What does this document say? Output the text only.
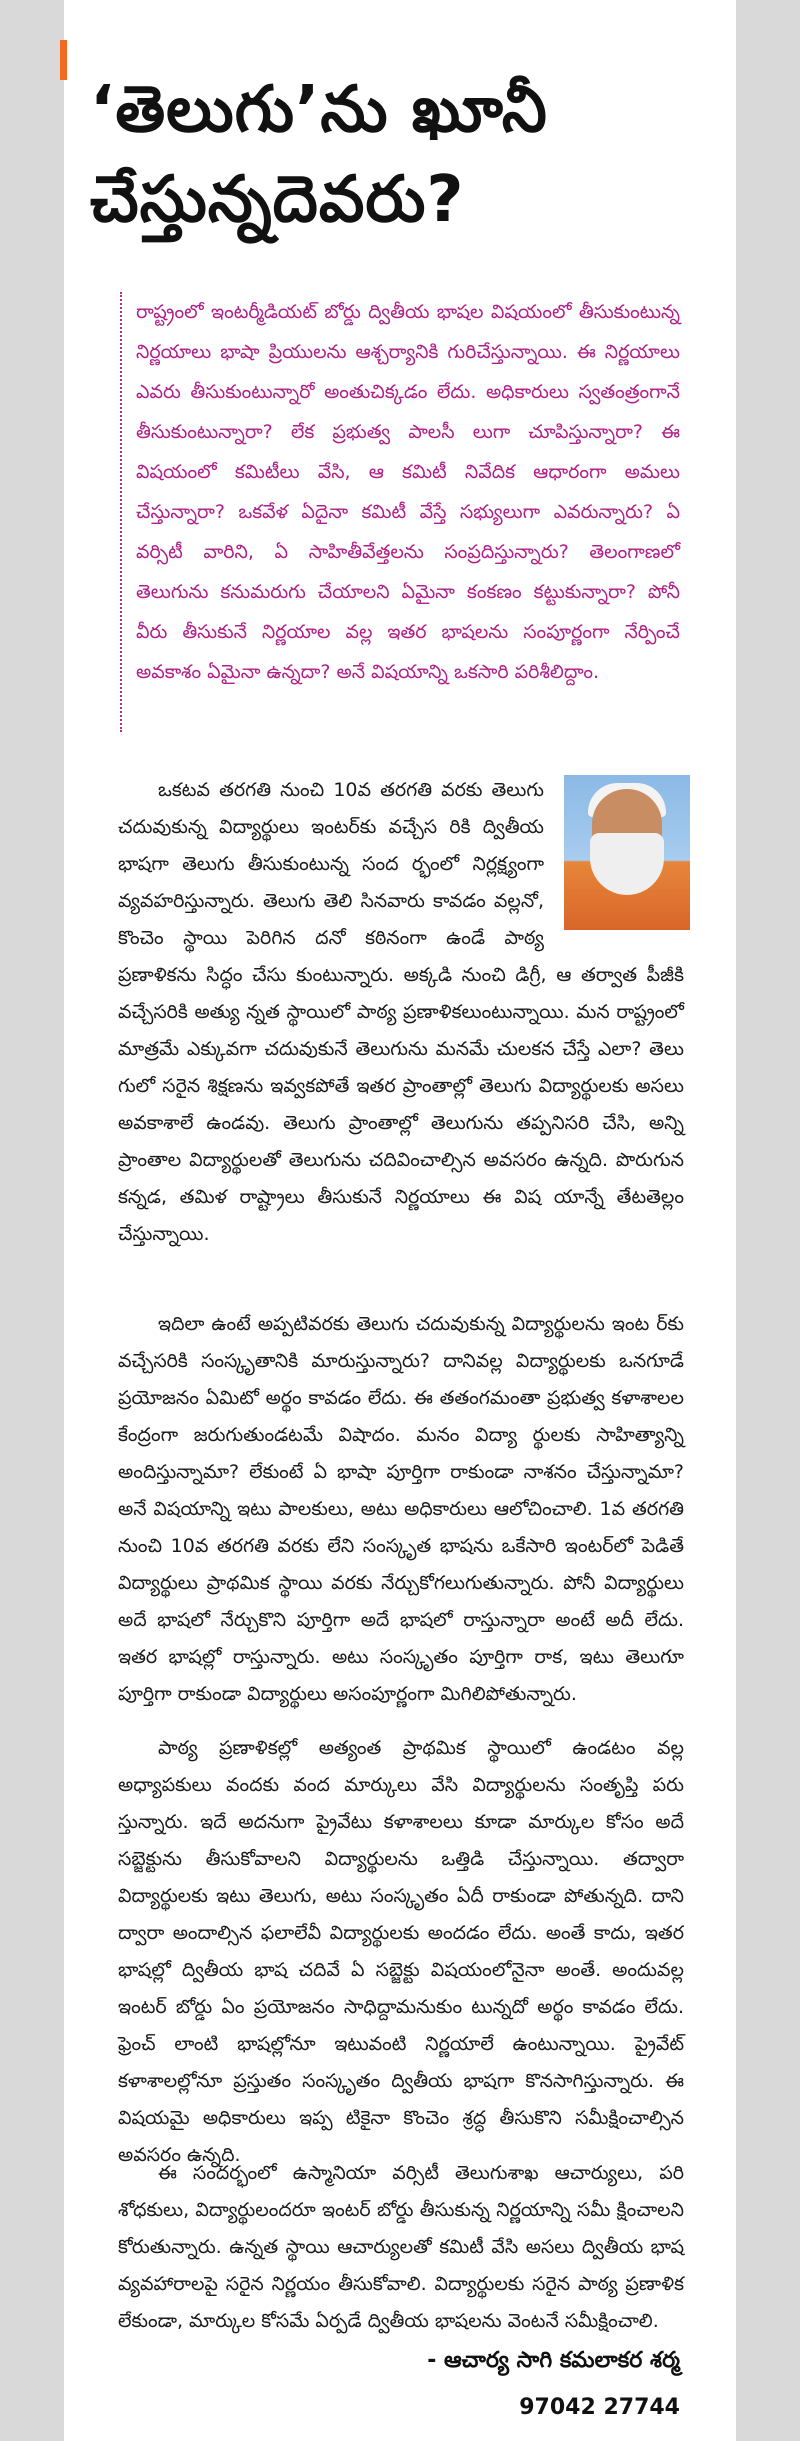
‘తెలుగు’ను ఖూనీ చేస్తున్నదెవరు?

రాష్ట్రంలో ఇంటర్మీడియట్ బోర్డు ద్వితీయ భాషల విషయంలో తీసుకుంటున్న నిర్ణయాలు భాషా ప్రియులను ఆశ్చర్యానికి గురిచేస్తున్నాయి. ఈ నిర్ణయాలు ఎవరు తీసుకుంటున్నారో అంతుచిక్కడం లేదు. అధికారులు స్వతంత్రంగానే తీసుకుంటున్నారా? లేక ప్రభుత్వ పాలసీ లుగా చూపిస్తున్నారా? ఈ విషయంలో కమిటీలు వేసి, ఆ కమిటీ నివేదిక ఆధారంగా అమలు చేస్తున్నారా? ఒకవేళ ఏదైనా కమిటీ వేస్తే సభ్యులుగా ఎవరున్నారు? ఏ వర్సిటీ వారిని, ఏ సాహితీవేత్తలను సంప్రదిస్తున్నారు? తెలంగాణలో తెలుగును కనుమరుగు చేయాలని ఏమైనా కంకణం కట్టుకున్నారా? పోనీ వీరు తీసుకునే నిర్ణయాల వల్ల ఇతర భాషలను సంపూర్ణంగా నేర్పించే అవకాశం ఏమైనా ఉన్నదా? అనే విషయాన్ని ఒకసారి పరిశీలిద్దాం.

ఒకటవ తరగతి నుంచి 10వ తరగతి వరకు తెలుగు చదువుకున్న విద్యార్థులు ఇంటర్‌కు వచ్చేస రికి ద్వితీయ భాషగా తెలుగు తీసుకుంటున్న సంద ర్భంలో నిర్లక్ష్యంగా వ్యవహరిస్తున్నారు. తెలుగు తెలి సినవారు కావడం వల్లనో, కొంచెం స్థాయి పెరిగిన దనో కఠినంగా ఉండే పాఠ్య ప్రణాళికను సిద్ధం చేసు కుంటున్నారు. అక్కడి నుంచి డిగ్రీ, ఆ తర్వాత పీజీకి వచ్చేసరికి అత్యు న్నత స్థాయిలో పాఠ్య ప్రణాళికలుంటున్నాయి. మన రాష్ట్రంలో మాత్రమే ఎక్కువగా చదువుకునే తెలుగును మనమే చులకన చేస్తే ఎలా? తెలు గులో సరైన శిక్షణను ఇవ్వకపోతే ఇతర ప్రాంతాల్లో తెలుగు విద్యార్థులకు అసలు అవకాశాలే ఉండవు. తెలుగు ప్రాంతాల్లో తెలుగును తప్పనిసరి చేసి, అన్ని ప్రాంతాల విద్యార్థులతో తెలుగును చదివించాల్సిన అవసరం ఉన్నది. పొరుగున కన్నడ, తమిళ రాష్ట్రాలు తీసుకునే నిర్ణయాలు ఈ విష యాన్నే తేటతెల్లం చేస్తున్నాయి.

ఇదిలా ఉంటే అప్పటివరకు తెలుగు చదువుకున్న విద్యార్థులను ఇంట ర్‌కు వచ్చేసరికి సంస్కృతానికి మారుస్తున్నారు? దానివల్ల విద్యార్థులకు ఒనగూడే ప్రయోజనం ఏమిటో అర్థం కావడం లేదు. ఈ తతంగమంతా ప్రభుత్వ కళాశాలల కేంద్రంగా జరుగుతుండటమే విషాదం. మనం విద్యా ర్థులకు సాహిత్యాన్ని అందిస్తున్నామా? లేకుంటే ఏ భాషా పూర్తిగా రాకుండా నాశనం చేస్తున్నామా? అనే విషయాన్ని ఇటు పాలకులు, అటు అధికారులు ఆలోచించాలి. 1వ తరగతి నుంచి 10వ తరగతి వరకు లేని సంస్కృత భాషను ఒకేసారి ఇంటర్‌లో పెడితే విద్యార్థులు ప్రాథమిక స్థాయి వరకు నేర్చుకోగలుగుతున్నారు. పోనీ విద్యార్థులు అదే భాషలో నేర్చుకొని పూర్తిగా అదే భాషలో రాస్తున్నారా అంటే అదీ లేదు. ఇతర భాషల్లో రాస్తున్నారు. అటు సంస్కృతం పూర్తిగా రాక, ఇటు తెలుగూ పూర్తిగా రాకుండా విద్యార్థులు అసంపూర్ణంగా మిగిలిపోతున్నారు.

పాఠ్య ప్రణాళికల్లో అత్యంత ప్రాథమిక స్థాయిలో ఉండటం వల్ల అధ్యాపకులు వందకు వంద మార్కులు వేసి విద్యార్థులను సంతృప్తి పరు స్తున్నారు. ఇదే అదనుగా ప్రైవేటు కళాశాలలు కూడా మార్కుల కోసం అదే సబ్జెక్టును తీసుకోవాలని విద్యార్థులను ఒత్తిడి చేస్తున్నాయి. తద్వారా విద్యార్థులకు ఇటు తెలుగు, అటు సంస్కృతం ఏదీ రాకుండా పోతున్నది. దాని ద్వారా అందాల్సిన ఫలాలేవీ విద్యార్థులకు అందడం లేదు. అంతే కాదు, ఇతర భాషల్లో ద్వితీయ భాష చదివే ఏ సబ్జెక్టు విషయంలోనైనా అంతే. అందువల్ల ఇంటర్ బోర్డు ఏం ప్రయోజనం సాధిద్దామనుకుం టున్నదో అర్థం కావడం లేదు. ఫ్రెంచ్ లాంటి భాషల్లోనూ ఇటువంటి నిర్ణయాలే ఉంటున్నాయి. ప్రైవేట్ కళాశాలల్లోనూ ప్రస్తుతం సంస్కృతం ద్వితీయ భాషగా కొనసాగిస్తున్నారు. ఈ విషయమై అధికారులు ఇప్ప టికైనా కొంచెం శ్రద్ధ తీసుకొని సమీక్షించాల్సిన అవసరం ఉన్నది.

ఈ సందర్భంలో ఉస్మానియా వర్సిటీ తెలుగుశాఖ ఆచార్యులు, పరి శోధకులు, విద్యార్థులందరూ ఇంటర్ బోర్డు తీసుకున్న నిర్ణయాన్ని సమీ క్షించాలని కోరుతున్నారు. ఉన్నత స్థాయి ఆచార్యులతో కమిటీ వేసి అసలు ద్వితీయ భాష వ్యవహారాలపై సరైన నిర్ణయం తీసుకోవాలి. విద్యార్థులకు సరైన పాఠ్య ప్రణాళిక లేకుండా, మార్కుల కోసమే ఏర్పడే ద్వితీయ భాషలను వెంటనే సమీక్షించాలి.

- ఆచార్య సాగి కమలాకర శర్మ
97042 27744
